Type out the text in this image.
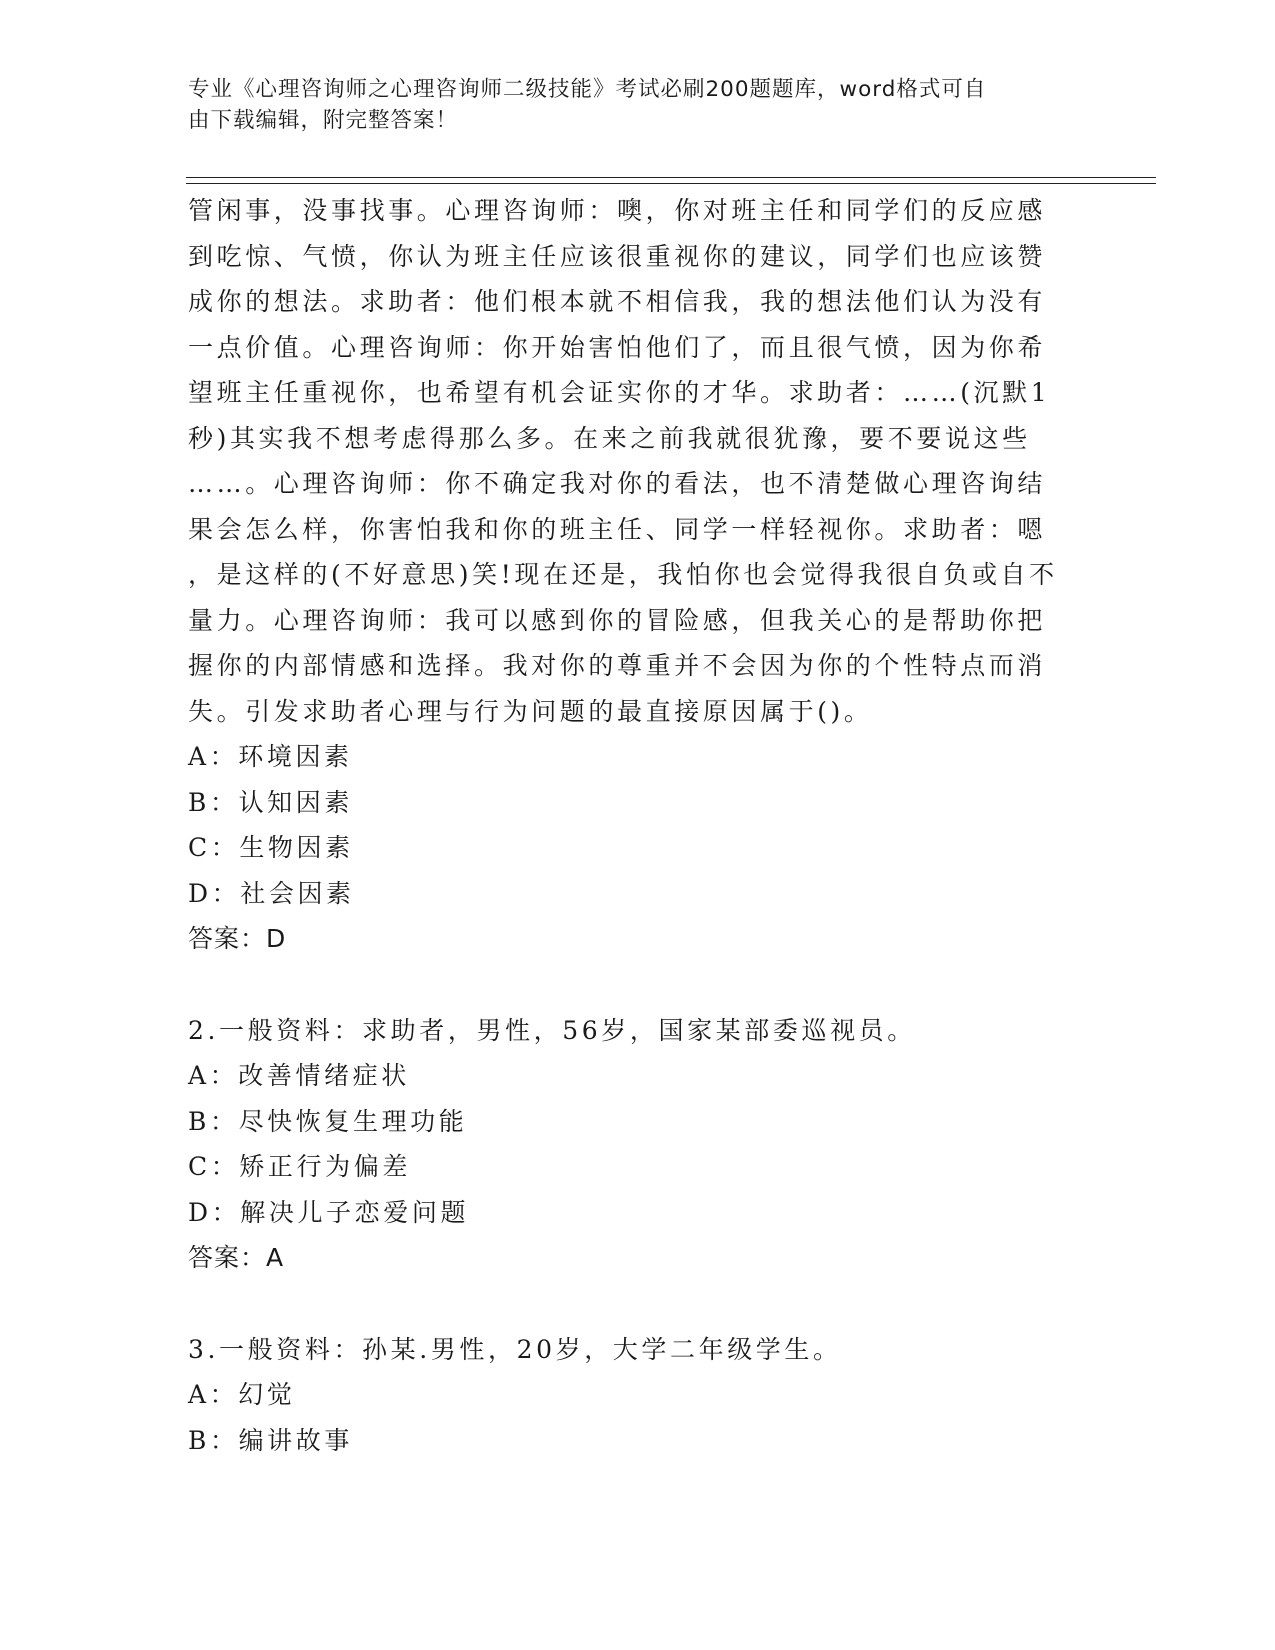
专业《心理咨询师之心理咨询师二级技能》考试必刷200题题库，word格式可自
由下载编辑，附完整答案！
管闲事，没事找事。心理咨询师：噢，你对班主任和同学们的反应感
到吃惊、气愤，你认为班主任应该很重视你的建议，同学们也应该赞
成你的想法。求助者：他们根本就不相信我，我的想法他们认为没有
一点价值。心理咨询师：你开始害怕他们了，而且很气愤，因为你希
望班主任重视你，也希望有机会证实你的才华。求助者：……(沉默1
秒)其实我不想考虑得那么多。在来之前我就很犹豫，要不要说这些
……。心理咨询师：你不确定我对你的看法，也不清楚做心理咨询结
果会怎么样，你害怕我和你的班主任、同学一样轻视你。求助者：嗯
，是这样的(不好意思)笑!现在还是，我怕你也会觉得我很自负或自不
量力。心理咨询师：我可以感到你的冒险感，但我关心的是帮助你把
握你的内部情感和选择。我对你的尊重并不会因为你的个性特点而消
失。引发求助者心理与行为问题的最直接原因属于()。
A：环境因素
B：认知因素
C：生物因素
D：社会因素
答案：D
2.一般资料：求助者，男性，56岁，国家某部委巡视员。
A：改善情绪症状
B：尽快恢复生理功能
C：矫正行为偏差
D：解决儿子恋爱问题
答案：A
3.一般资料：孙某.男性，20岁，大学二年级学生。
A：幻觉
B：编讲故事
